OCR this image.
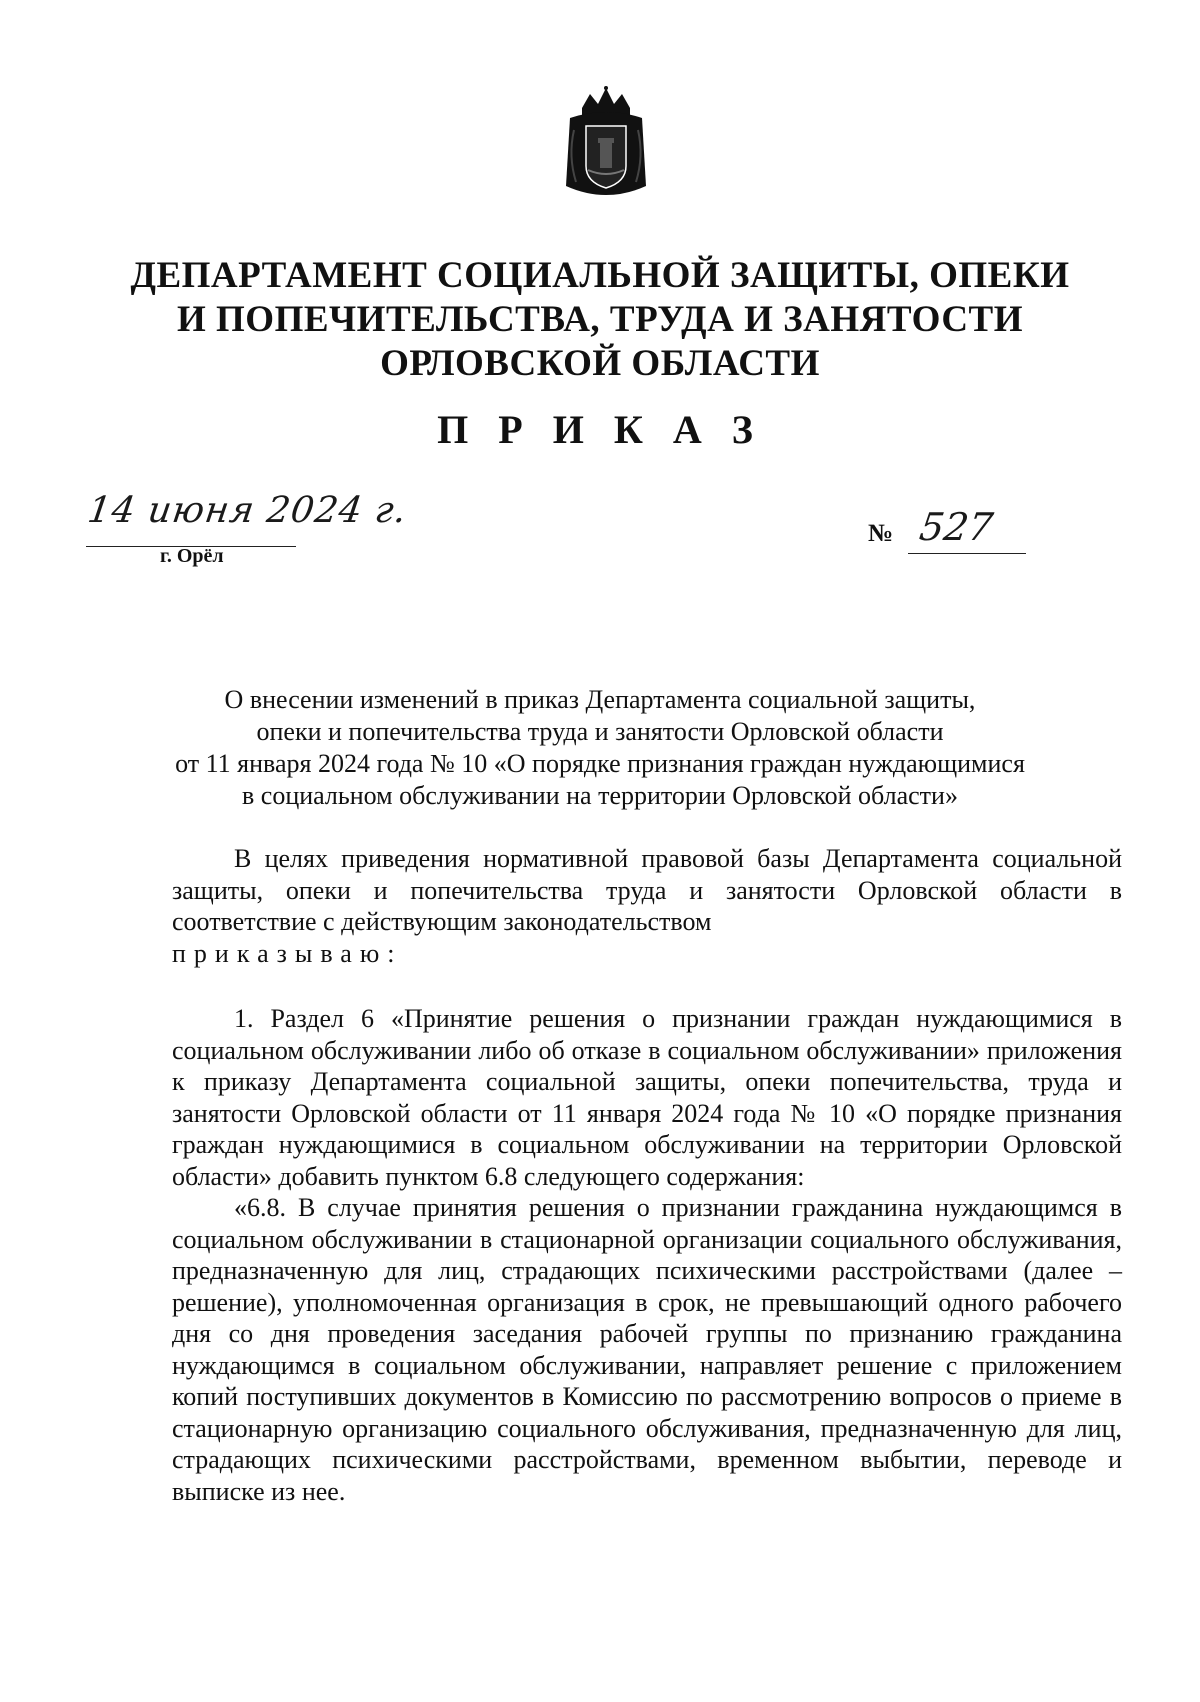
ДЕПАРТАМЕНТ СОЦИАЛЬНОЙ ЗАЩИТЫ, ОПЕКИ
И ПОПЕЧИТЕЛЬСТВА, ТРУДА И ЗАНЯТОСТИ
ОРЛОВСКОЙ ОБЛАСТИ
П Р И К А З
14 июня 2024 г.
г. Орёл
№ 527
О внесении изменений в приказ Департамента социальной защиты,
опеки и попечительства труда и занятости Орловской области
от 11 января 2024 года № 10 «О порядке признания граждан нуждающимися
в социальном обслуживании на территории Орловской области»

В целях приведения нормативной правовой базы Департамента социальной защиты, опеки и попечительства труда и занятости Орловской области в соответствие с действующим законодательством
приказываю:

1. Раздел 6 «Принятие решения о признании граждан нуждающимися в социальном обслуживании либо об отказе в социальном обслуживании» приложения к приказу Департамента социальной защиты, опеки попечительства, труда и занятости Орловской области от 11 января 2024 года № 10 «О порядке признания граждан нуждающимися в социальном обслуживании на территории Орловской области» добавить пунктом 6.8 следующего содержания:

«6.8. В случае принятия решения о признании гражданина нуждающимся в социальном обслуживании в стационарной организации социального обслуживания, предназначенную для лиц, страдающих психическими расстройствами (далее – решение), уполномоченная организация в срок, не превышающий одного рабочего дня со дня проведения заседания рабочей группы по признанию гражданина нуждающимся в социальном обслуживании, направляет решение с приложением копий поступивших документов в Комиссию по рассмотрению вопросов о приеме в стационарную организацию социального обслуживания, предназначенную для лиц, страдающих психическими расстройствами, временном выбытии, переводе и выписке из нее.
